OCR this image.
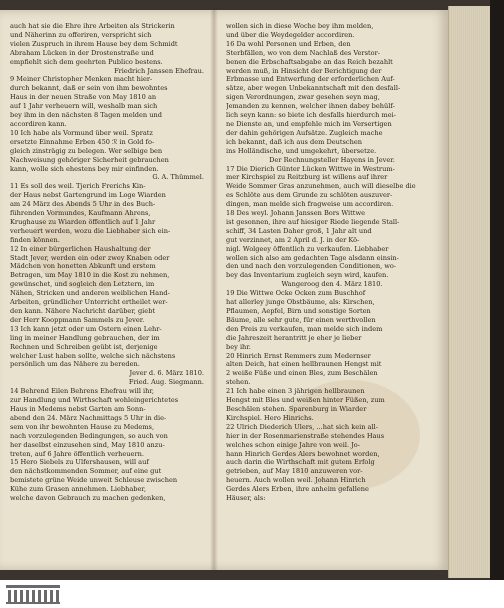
auch hat sie die Ehre ihre Arbeiten als Strickerin
und Näherinn zu offeriren, verspricht sich
vielen Zuspruch in ihrem Hause bey dem Schmidt
Abraham Lücken in der Drostenstraße und
empfiehlt sich dem geehrten Publico bestens.
Friedrich Janssen Ehefrau.
9 Meiner Christopher Menken macht hier-
durch bekannt, daß er sein von ihm bewohntes
Haus in der neuen Straße von May 1810 an
auf 1 Jahr verheuern will, weshalb man sich
bey ihm in den nächsten 8 Tagen melden und
accordiren kann.
10 Ich habe als Vormund über weil. Spratz
ersetzte Einnahme Erben 450 ℛ in Gold fo-
gleich zinsträgig zu belegen. Wer selbige ben
Nachweisung gehöriger Sicherheit gebrauchen
kann, wolle sich ehestens bey mir einfinden.
G. A. Thümmel.
11 Es soll des weil. Tjerich Frerichs Kin-
der Haus nebst Gartengrund im Loge Wiarden
am 24 März des Abends 5 Uhr in des Buch-
führenden Vormundes, Kaufmann Ahrens,
Krughause zu Wiarden öffentlich auf 1 Jahr
verheuert werden, wozu die Liebhaber sich ein-
finden können.
12 In einer bürgerlichen Haushaltung der
Stadt Jever, werden ein oder zwey Knaben oder
Mädchen von honetten Abkunft und erstem
Betragen, um May 1810 in die Kost zu nehmen,
gewünschet, und sogleich den Letztern, im
Nähen, Stricken und anderen weiblichen Hand-
Arbeiten, gründlicher Unterricht ertheilet wer-
den kann. Nähere Nachricht darüber, giebt
der Herr Kooppmann Sammels zu Jever.
13 Ich kann jetzt oder um Ostern einen Lehr-
ling in meiner Handlung gebrauchen, der im
Rechnen und Schreiben geübt ist, derjenige
welcher Lust haben sollte, welche sich nächstens
persönlich um das Nähere zu bereden.
Jever d. 6. März 1810.
Fried. Aug. Siegmann.
14 Behrend Eilen Behrens Ehefrau will ihr,
zur Handlung und Wirthschaft wohleingerichtetes
Haus in Medems nebst Garten am Sonn-
abend den 24. März Nachmittags 5 Uhr in die-
sem von ihr bewohnten Hause zu Medems,
nach vorzulegenden Bedingungen, so auch von
her daselbst einzusehen sind, May 1810 anzu-
treten, auf 6 Jahre öffentlich verheuern.
15 Hero Siebels zu Ulfershausen, will auf
den nächstkommenden Sommer, auf eine gut
bemistete grüne Weide unweit Schleuse zwischen
Kühe zum Grasen annehmen. Liebhaber,
welche davon Gebrauch zu machen gedenken,
wollen sich in diese Woche bey ihm melden,
und über die Weydegelder accordiren.
16 Da wohl Personen und Erben, den
Sterbfällen, wo von dem Nachlaß des Verstor-
benen die Erbschaftsabgabe an das Reich bezahlt
werden muß, in Hinsicht der Berichtigung der
Erbmasse und Entwerfung der erforderlichen Auf-
sätze, aber wegen Unbekanntschaft mit den desfall-
sigen Verordnungen, zwar gesehen seyn mag,
Jemanden zu kennen, welcher ihnen dabey behülf-
lich seyn kann: so biete ich desfalls hierdurch mei-
ne Dienste an, und empfehle mich im Versertigen
der dahin gehörigen Aufsätze. Zugleich mache
ich bekannt, daß ich aus dem Deutschen
ins Holländische, und umgekehrt, übersetze.
Der Rechnungsteller Hayens in Jever.
17 Die Dierich Günter Lücken Wittwe in Westrum-
mer Kirchspiel zu Reitzburg ist willens auf ihrer
Weide Sommer Gras anzunehmen, auch will dieselbe die
es Schlöte aus dem Grunde zu schlöten auszuver-
dingen, man melde sich fragweise um accordiren.
18 Des weyl. Johann Janssen Bors Wittwe
ist gesonnen, ihre auf hiesiger Riede liegende Stall-
schiff, 34 Lasten Daher groß, 1 Jahr alt und
gut verzinnet, am 2 April d. J. in der Kö-
nigl. Wolgeey öffentlich zu verkaufen. Liebhaber
wollen sich also am gedachten Tage alsdann einsin-
den und nach den vorzulegenden Conditionen, wo-
bey das Inventarium zugleich seyn wird, kaufen.
Wangeroog den 4. März 1810.
19 Die Wittwe Ocke Ocken zum Buschhof
hat allerley junge Obstbäume, als: Kirschen,
Pflaumen, Aepfel, Birn und sonstige Sorten
Bäume, alle sehr gute, für einen werthvollen
den Preis zu verkaufen, man melde sich indem
die Jahreszeit herantritt je eher je lieber
bey ihr.
20 Hinrich Ernst Remmers zum Medernser
alten Deich, hat einen hellbraunen Hengst mit
2 weiße Füße und einen Bles, zum Beschälen
stehen.
21 Ich habe einen 3 jährigen hellbraunen
Hengst mit Bles und weißen hinter Füßen, zum
Beschälen stehen. Sparenburg in Wiarder
Kirchspiel. Hero Hinrichs.
22 Ulrich Diederich Ulers, ...hat sich kein all-
hier in der Rosenmarienstraße stehendes Haus
welches schon einige Jahre von weil. Jo-
hann Hinrich Gerdes Alers bewohnet worden,
auch darin die Wirthschaft mit gutem Erfolg
getrieben, auf May 1810 anzuweren vor-
heuern. Auch wollen weil. Johann Hinrich
Gerdes Alers Erben, ihre anheim gefallene
Häuser, als:
